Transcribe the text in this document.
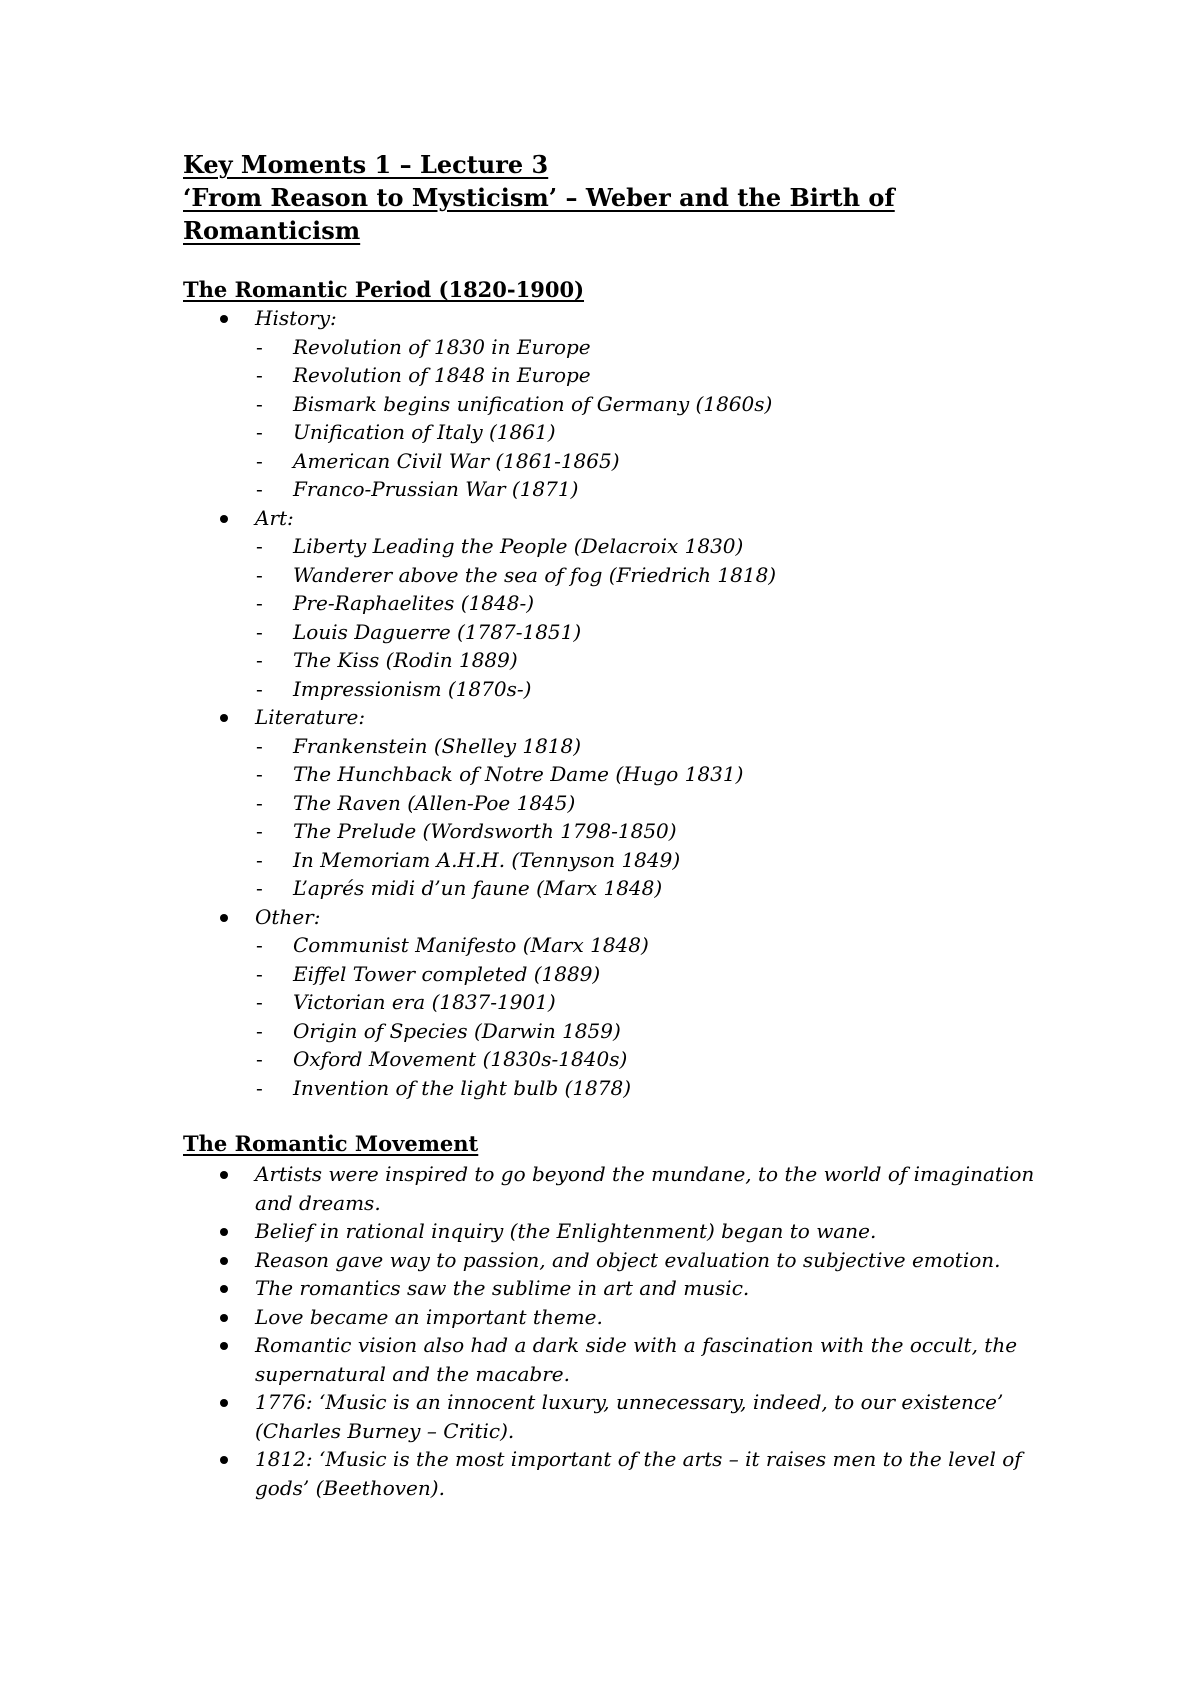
Key Moments 1 – Lecture 3
‘From Reason to Mysticism’ – Weber and the Birth of
Romanticism
The Romantic Period (1820-1900)
History:
- Revolution of 1830 in Europe
- Revolution of 1848 in Europe
- Bismark begins unification of Germany (1860s)
- Unification of Italy (1861)
- American Civil War (1861-1865)
- Franco-Prussian War (1871)
Art:
- Liberty Leading the People (Delacroix 1830)
- Wanderer above the sea of fog (Friedrich 1818)
- Pre-Raphaelites (1848-)
- Louis Daguerre (1787-1851)
- The Kiss (Rodin 1889)
- Impressionism (1870s-)
Literature:
- Frankenstein (Shelley 1818)
- The Hunchback of Notre Dame (Hugo 1831)
- The Raven (Allen-Poe 1845)
- The Prelude (Wordsworth 1798-1850)
- In Memoriam A.H.H. (Tennyson 1849)
- L’aprés midi d’un faune (Marx 1848)
Other:
- Communist Manifesto (Marx 1848)
- Eiffel Tower completed (1889)
- Victorian era (1837-1901)
- Origin of Species (Darwin 1859)
- Oxford Movement (1830s-1840s)
- Invention of the light bulb (1878)
The Romantic Movement
Artists were inspired to go beyond the mundane, to the world of imagination and dreams.
Belief in rational inquiry (the Enlightenment) began to wane.
Reason gave way to passion, and object evaluation to subjective emotion.
The romantics saw the sublime in art and music.
Love became an important theme.
Romantic vision also had a dark side with a fascination with the occult, the supernatural and the macabre.
1776: ‘Music is an innocent luxury, unnecessary, indeed, to our existence’ (Charles Burney – Critic).
1812: ‘Music is the most important of the arts – it raises men to the level of gods’ (Beethoven).
